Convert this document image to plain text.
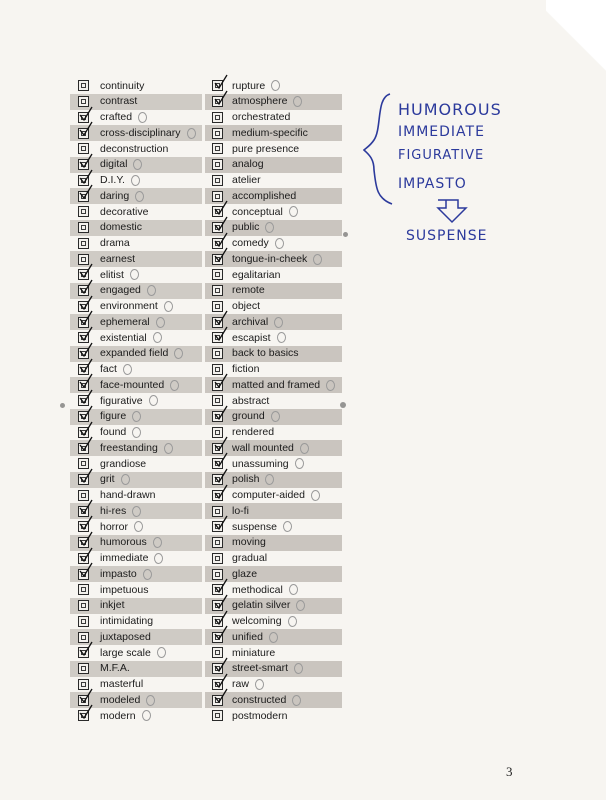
continuity
contrast
crafted
cross-disciplinary
deconstruction
digital
D.I.Y.
daring
decorative
domestic
drama
earnest
elitist
engaged
environment
ephemeral
existential
expanded field
fact
face-mounted
figurative
figure
found
freestanding
grandiose
grit
hand-drawn
hi-res
horror
humorous
immediate
impasto
impetuous
inkjet
intimidating
juxtaposed
large scale
M.F.A.
masterful
modeled
modern
rupture
atmosphere
orchestrated
medium-specific
pure presence
analog
atelier
accomplished
conceptual
public
comedy
tongue-in-cheek
egalitarian
remote
object
archival
escapist
back to basics
fiction
matted and framed
abstract
ground
rendered
wall mounted
unassuming
polish
computer-aided
lo-fi
suspense
moving
gradual
glaze
methodical
gelatin silver
welcoming
unified
miniature
street-smart
raw
constructed
postmodern
HUMOROUS
IMMEDIATE
FIGURATIVE
IMPASTO
SUSPENSE
3
